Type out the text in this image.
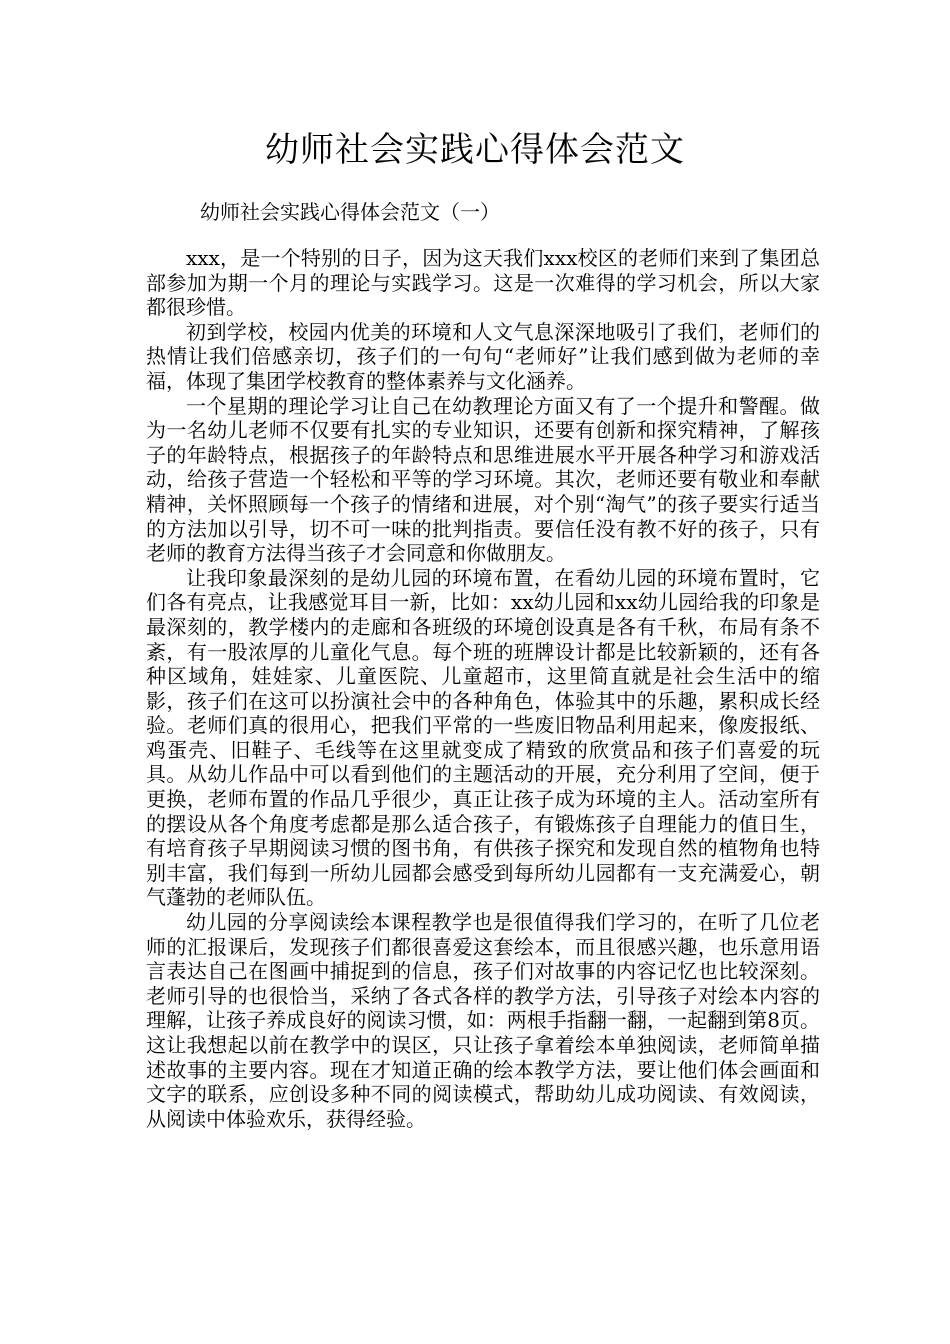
幼师社会实践心得体会范文
幼师社会实践心得体会范文（一）

xxx，是一个特别的日子，因为这天我们xxx校区的老师们来到了集团总部参加为期一个月的理论与实践学习。这是一次难得的学习机会，所以大家都很珍惜。

初到学校，校园内优美的环境和人文气息深深地吸引了我们，老师们的热情让我们倍感亲切，孩子们的一句句“老师好”让我们感到做为老师的幸福，体现了集团学校教育的整体素养与文化涵养。

一个星期的理论学习让自己在幼教理论方面又有了一个提升和警醒。做为一名幼儿老师不仅要有扎实的专业知识，还要有创新和探究精神，了解孩子的年龄特点，根据孩子的年龄特点和思维进展水平开展各种学习和游戏活动，给孩子营造一个轻松和平等的学习环境。其次，老师还要有敬业和奉献精神，关怀照顾每一个孩子的情绪和进展，对个别“淘气”的孩子要实行适当的方法加以引导，切不可一味的批判指责。要信任没有教不好的孩子，只有老师的教育方法得当孩子才会同意和你做朋友。

让我印象最深刻的是幼儿园的环境布置，在看幼儿园的环境布置时，它们各有亮点，让我感觉耳目一新，比如：xx幼儿园和xx幼儿园给我的印象是最深刻的，教学楼内的走廊和各班级的环境创设真是各有千秋，布局有条不紊，有一股浓厚的儿童化气息。每个班的班牌设计都是比较新颖的，还有各种区域角，娃娃家、儿童医院、儿童超市，这里简直就是社会生活中的缩影，孩子们在这可以扮演社会中的各种角色，体验其中的乐趣，累积成长经验。老师们真的很用心，把我们平常的一些废旧物品利用起来，像废报纸、鸡蛋壳、旧鞋子、毛线等在这里就变成了精致的欣赏品和孩子们喜爱的玩具。从幼儿作品中可以看到他们的主题活动的开展，充分利用了空间，便于更换，老师布置的作品几乎很少，真正让孩子成为环境的主人。活动室所有的摆设从各个角度考虑都是那么适合孩子，有锻炼孩子自理能力的值日生，有培育孩子早期阅读习惯的图书角，有供孩子探究和发现自然的植物角也特别丰富，我们每到一所幼儿园都会感受到每所幼儿园都有一支充满爱心，朝气蓬勃的老师队伍。

幼儿园的分享阅读绘本课程教学也是很值得我们学习的，在听了几位老师的汇报课后，发现孩子们都很喜爱这套绘本，而且很感兴趣，也乐意用语言表达自己在图画中捕捉到的信息，孩子们对故事的内容记忆也比较深刻。老师引导的也很恰当，采纳了各式各样的教学方法，引导孩子对绘本内容的理解，让孩子养成良好的阅读习惯，如：两根手指翻一翻，一起翻到第8页。这让我想起以前在教学中的误区，只让孩子拿着绘本单独阅读，老师简单描述故事的主要内容。现在才知道正确的绘本教学方法，要让他们体会画面和文字的联系，应创设多种不同的阅读模式，帮助幼儿成功阅读、有效阅读，从阅读中体验欢乐，获得经验。
